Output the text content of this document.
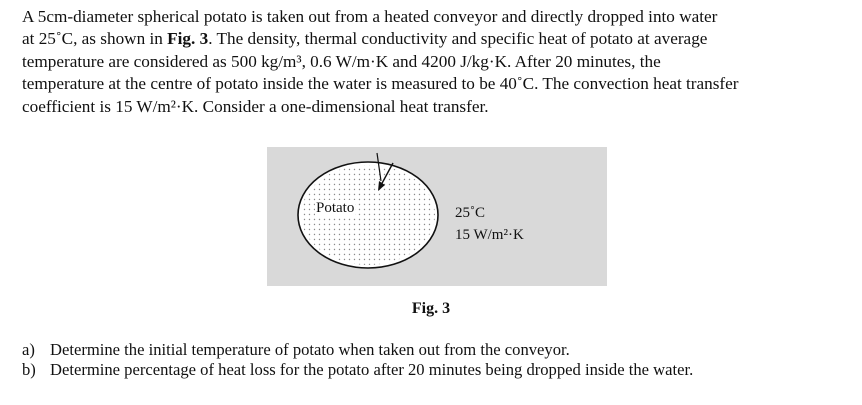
A 5cm-diameter spherical potato is taken out from a heated conveyor and directly dropped into water
at 25˚C, as shown in Fig. 3. The density, thermal conductivity and specific heat of potato at average
temperature are considered as 500 kg/m³, 0.6 W/m·K and 4200 J/kg·K. After 20 minutes, the
temperature at the centre of potato inside the water is measured to be 40˚C. The convection heat transfer
coefficient is 15 W/m²·K. Consider a one-dimensional heat transfer.

Potato	25˚C
15 W/m²·K
Fig. 3
a) Determine the initial temperature of potato when taken out from the conveyor.
b) Determine percentage of heat loss for the potato after 20 minutes being dropped inside the water.
